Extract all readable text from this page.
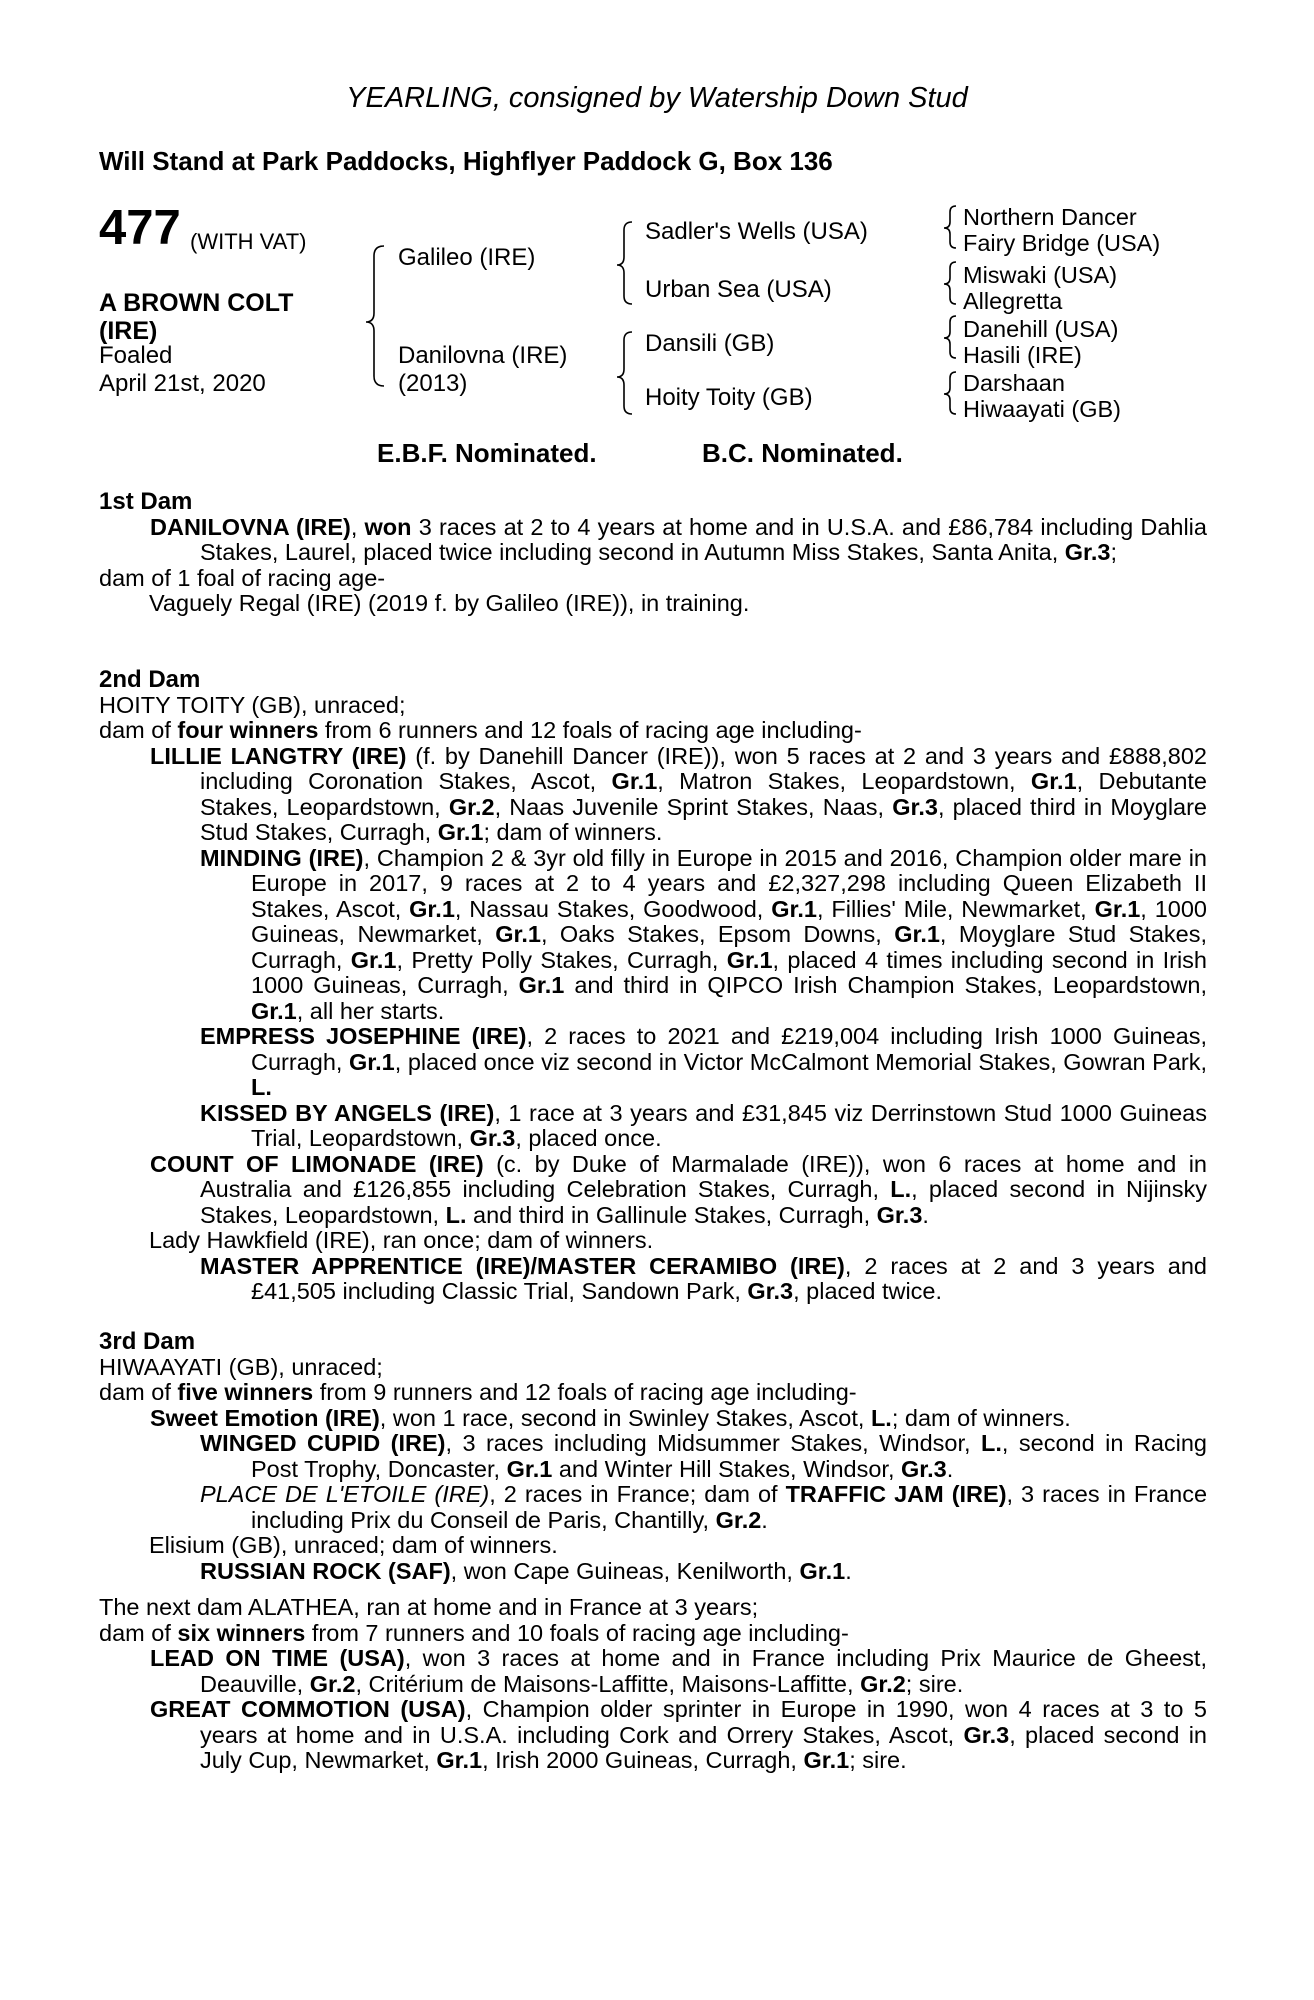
YEARLING, consigned by Watership Down Stud
Will Stand at Park Paddocks, Highflyer Paddock G, Box 136
477 (WITH VAT)
A BROWN COLT
(IRE)
Foaled
April 21st, 2020
Galileo (IRE)
Danilovna (IRE)
(2013)
Sadler's Wells (USA)
Urban Sea (USA)
Dansili (GB)
Hoity Toity (GB)
Northern Dancer
Fairy Bridge (USA)
Miswaki (USA)
Allegretta
Danehill (USA)
Hasili (IRE)
Darshaan
Hiwaayati (GB)
E.B.F. Nominated.	B.C. Nominated.

1st Dam

DANILOVNA (IRE), won 3 races at 2 to 4 years at home and in U.S.A. and £86,784 including Dahlia Stakes, Laurel, placed twice including second in Autumn Miss Stakes, Santa Anita, Gr.3;

dam of 1 foal of racing age-

Vaguely Regal (IRE) (2019 f. by Galileo (IRE)), in training.

2nd Dam

HOITY TOITY (GB), unraced;

dam of four winners from 6 runners and 12 foals of racing age including-

LILLIE LANGTRY (IRE) (f. by Danehill Dancer (IRE)), won 5 races at 2 and 3 years and £888,802 including Coronation Stakes, Ascot, Gr.1, Matron Stakes, Leopardstown, Gr.1, Debutante Stakes, Leopardstown, Gr.2, Naas Juvenile Sprint Stakes, Naas, Gr.3, placed third in Moyglare Stud Stakes, Curragh, Gr.1; dam of winners.

MINDING (IRE), Champion 2 & 3yr old filly in Europe in 2015 and 2016, Champion older mare in Europe in 2017, 9 races at 2 to 4 years and £2,327,298 including Queen Elizabeth II Stakes, Ascot, Gr.1, Nassau Stakes, Goodwood, Gr.1, Fillies' Mile, Newmarket, Gr.1, 1000 Guineas, Newmarket, Gr.1, Oaks Stakes, Epsom Downs, Gr.1, Moyglare Stud Stakes, Curragh, Gr.1, Pretty Polly Stakes, Curragh, Gr.1, placed 4 times including second in Irish 1000 Guineas, Curragh, Gr.1 and third in QIPCO Irish Champion Stakes, Leopardstown, Gr.1, all her starts.

EMPRESS JOSEPHINE (IRE), 2 races to 2021 and £219,004 including Irish 1000 Guineas, Curragh, Gr.1, placed once viz second in Victor McCalmont Memorial Stakes, Gowran Park, L.

KISSED BY ANGELS (IRE), 1 race at 3 years and £31,845 viz Derrinstown Stud 1000 Guineas Trial, Leopardstown, Gr.3, placed once.

COUNT OF LIMONADE (IRE) (c. by Duke of Marmalade (IRE)), won 6 races at home and in Australia and £126,855 including Celebration Stakes, Curragh, L., placed second in Nijinsky Stakes, Leopardstown, L. and third in Gallinule Stakes, Curragh, Gr.3.

Lady Hawkfield (IRE), ran once; dam of winners.

MASTER APPRENTICE (IRE)/MASTER CERAMIBO (IRE), 2 races at 2 and 3 years and £41,505 including Classic Trial, Sandown Park, Gr.3, placed twice.

3rd Dam

HIWAAYATI (GB), unraced;

dam of five winners from 9 runners and 12 foals of racing age including-

Sweet Emotion (IRE), won 1 race, second in Swinley Stakes, Ascot, L.; dam of winners.

WINGED CUPID (IRE), 3 races including Midsummer Stakes, Windsor, L., second in Racing Post Trophy, Doncaster, Gr.1 and Winter Hill Stakes, Windsor, Gr.3.

PLACE DE L'ETOILE (IRE), 2 races in France; dam of TRAFFIC JAM (IRE), 3 races in France including Prix du Conseil de Paris, Chantilly, Gr.2.

Elisium (GB), unraced; dam of winners.

RUSSIAN ROCK (SAF), won Cape Guineas, Kenilworth, Gr.1.

The next dam ALATHEA, ran at home and in France at 3 years;

dam of six winners from 7 runners and 10 foals of racing age including-

LEAD ON TIME (USA), won 3 races at home and in France including Prix Maurice de Gheest, Deauville, Gr.2, Critérium de Maisons-Laffitte, Maisons-Laffitte, Gr.2; sire.

GREAT COMMOTION (USA), Champion older sprinter in Europe in 1990, won 4 races at 3 to 5 years at home and in U.S.A. including Cork and Orrery Stakes, Ascot, Gr.3, placed second in July Cup, Newmarket, Gr.1, Irish 2000 Guineas, Curragh, Gr.1; sire.
